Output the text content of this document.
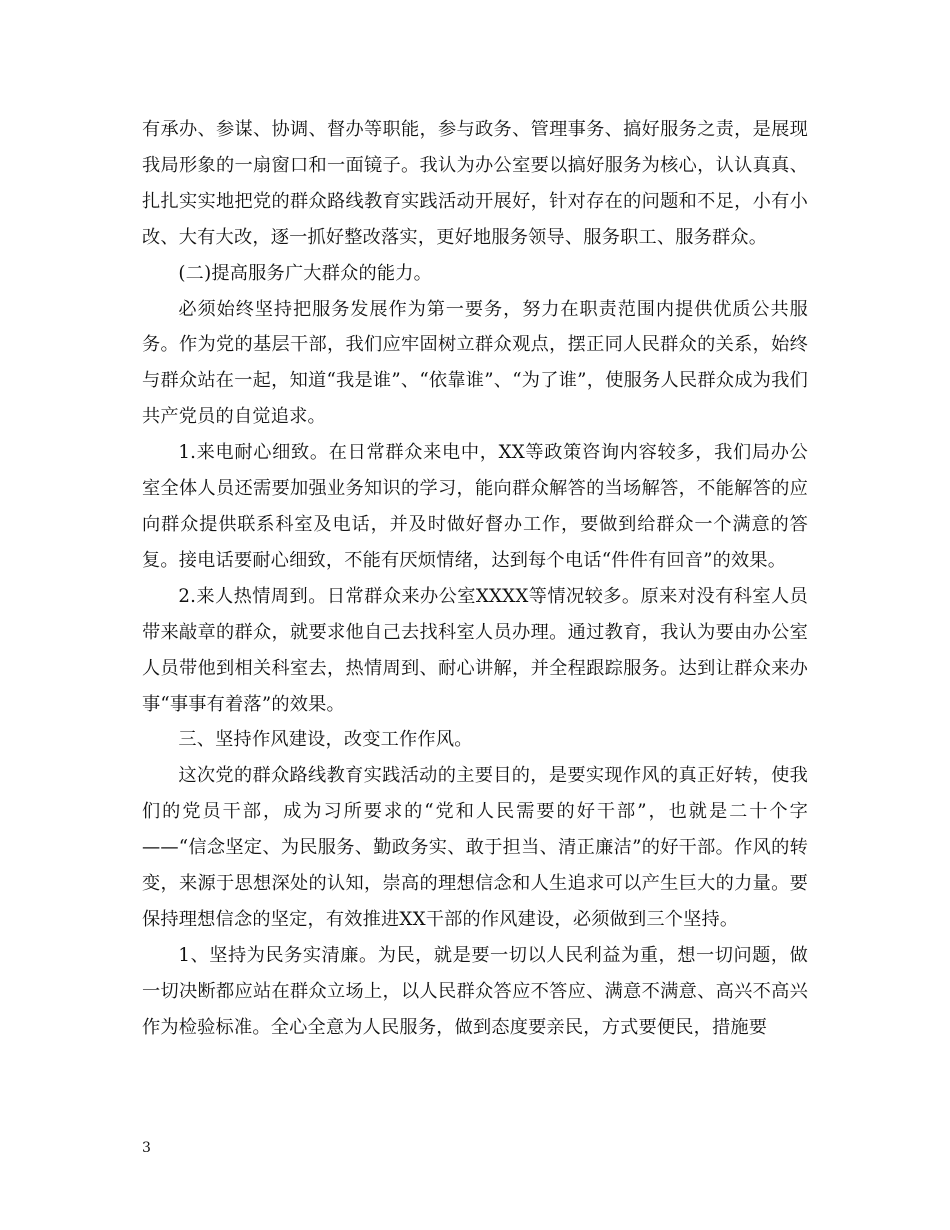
有承办、参谋、协调、督办等职能，参与政务、管理事务、搞好服务之责，是展现我局形象的一扇窗口和一面镜子。我认为办公室要以搞好服务为核心，认认真真、扎扎实实地把党的群众路线教育实践活动开展好，针对存在的问题和不足，小有小改、大有大改，逐一抓好整改落实，更好地服务领导、服务职工、服务群众。

(二)提高服务广大群众的能力。

必须始终坚持把服务发展作为第一要务，努力在职责范围内提供优质公共服务。作为党的基层干部，我们应牢固树立群众观点，摆正同人民群众的关系，始终与群众站在一起，知道“我是谁”、“依靠谁”、“为了谁”，使服务人民群众成为我们共产党员的自觉追求。

1.来电耐心细致。在日常群众来电中，XX等政策咨询内容较多，我们局办公室全体人员还需要加强业务知识的学习，能向群众解答的当场解答，不能解答的应向群众提供联系科室及电话，并及时做好督办工作，要做到给群众一个满意的答复。接电话要耐心细致，不能有厌烦情绪，达到每个电话“件件有回音”的效果。

2.来人热情周到。日常群众来办公室XXXX等情况较多。原来对没有科室人员带来敲章的群众，就要求他自己去找科室人员办理。通过教育，我认为要由办公室人员带他到相关科室去，热情周到、耐心讲解，并全程跟踪服务。达到让群众来办事“事事有着落”的效果。

三、坚持作风建设，改变工作作风。

这次党的群众路线教育实践活动的主要目的，是要实现作风的真正好转，使我们的党员干部，成为习所要求的“党和人民需要的好干部”，也就是二十个字——“信念坚定、为民服务、勤政务实、敢于担当、清正廉洁”的好干部。作风的转变，来源于思想深处的认知，崇高的理想信念和人生追求可以产生巨大的力量。要保持理想信念的坚定，有效推进XX干部的作风建设，必须做到三个坚持。

1、坚持为民务实清廉。为民，就是要一切以人民利益为重，想一切问题，做一切决断都应站在群众立场上，以人民群众答应不答应、满意不满意、高兴不高兴作为检验标准。全心全意为人民服务，做到态度要亲民，方式要便民，措施要

3
